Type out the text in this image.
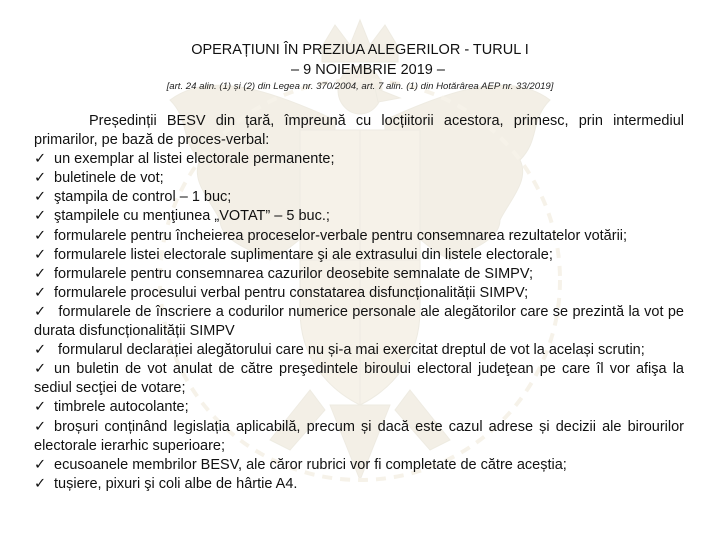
OPERAȚIUNI ÎN PREZIUA ALEGERILOR - TURUL I
– 9 NOIEMBRIE 2019 –
[art. 24 alin. (1) și (2) din Legea nr. 370/2004, art. 7 alin. (1) din Hotărârea AEP nr. 33/2019]

Președinții BESV din țară, împreună cu locțiitorii acestora, primesc, prin intermediul primarilor, pe bază de proces-verbal:

✓ un exemplar al listei electorale permanente;

✓ buletinele de vot;

✓ ştampila de control – 1 buc;

✓ ştampilele cu menţiunea „VOTAT” – 5 buc.;

✓ formularele pentru încheierea proceselor-verbale pentru consemnarea rezultatelor votării;

✓ formularele listei electorale suplimentare şi ale extrasului din listele electorale;

✓ formularele pentru consemnarea cazurilor deosebite semnalate de SIMPV;

✓ formularele procesului verbal pentru constatarea disfuncționalității SIMPV;

✓ formularele de înscriere a codurilor numerice personale ale alegătorilor care se prezintă la vot pe durata disfuncționalității SIMPV

✓ formularul declarației alegătorului care nu și-a mai exercitat dreptul de vot la același scrutin;

✓ un buletin de vot anulat de către preşedintele biroului electoral judeţean pe care îl vor afişa la sediul secţiei de votare;

✓ timbrele autocolante;

✓ broșuri conținând legislația aplicabilă, precum și dacă este cazul adrese și decizii ale birourilor electorale ierarhic superioare;

✓ ecusoanele membrilor BESV, ale căror rubrici vor fi completate de către aceștia;

✓ tușiere, pixuri şi coli albe de hârtie A4.
